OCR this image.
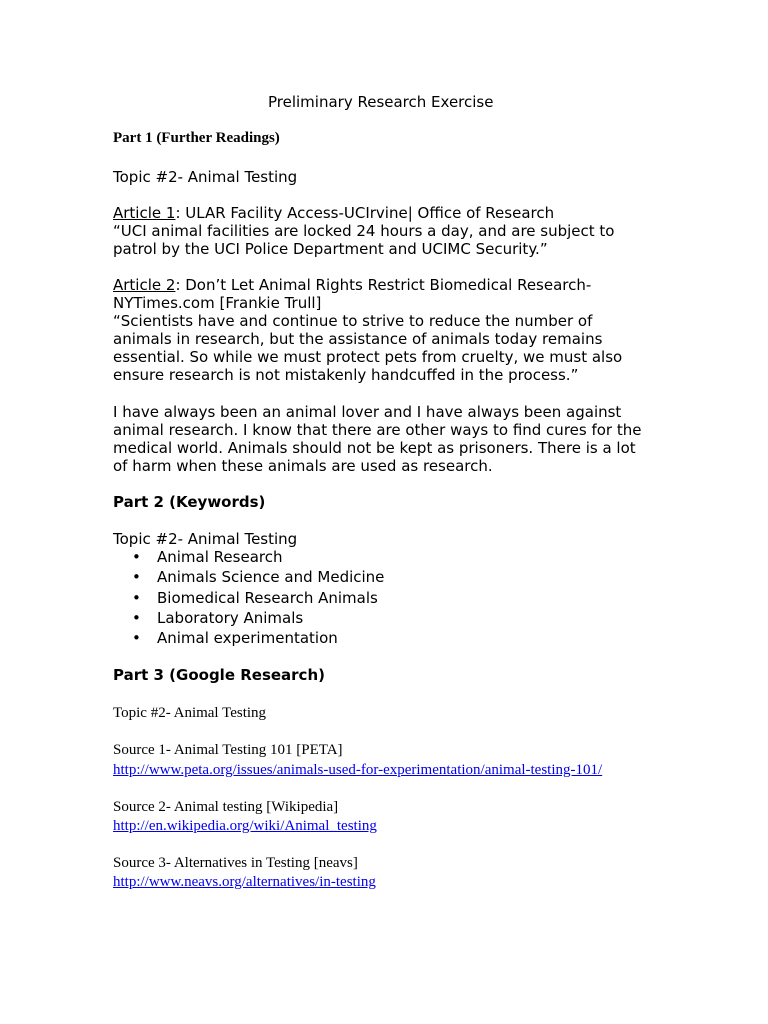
Preliminary Research Exercise
Part 1 (Further Readings)
Topic #2- Animal Testing
Article 1: ULAR Facility Access-UCIrvine| Office of Research
“UCI animal facilities are locked 24 hours a day, and are subject to
patrol by the UCI Police Department and UCIMC Security.”
Article 2: Don’t Let Animal Rights Restrict Biomedical Research-
NYTimes.com [Frankie Trull]
“Scientists have and continue to strive to reduce the number of
animals in research, but the assistance of animals today remains
essential. So while we must protect pets from cruelty, we must also
ensure research is not mistakenly handcuffed in the process.”
I have always been an animal lover and I have always been against
animal research. I know that there are other ways to find cures for the
medical world. Animals should not be kept as prisoners. There is a lot
of harm when these animals are used as research.
Part 2 (Keywords)
Topic #2- Animal Testing
• Animal Research
• Animals Science and Medicine
• Biomedical Research Animals
• Laboratory Animals
• Animal experimentation
Part 3 (Google Research)
Topic #2- Animal Testing
Source 1- Animal Testing 101 [PETA]
http://www.peta.org/issues/animals-used-for-experimentation/animal-testing-101/
Source 2- Animal testing [Wikipedia]
http://en.wikipedia.org/wiki/Animal_testing
Source 3- Alternatives in Testing [neavs]
http://www.neavs.org/alternatives/in-testing
